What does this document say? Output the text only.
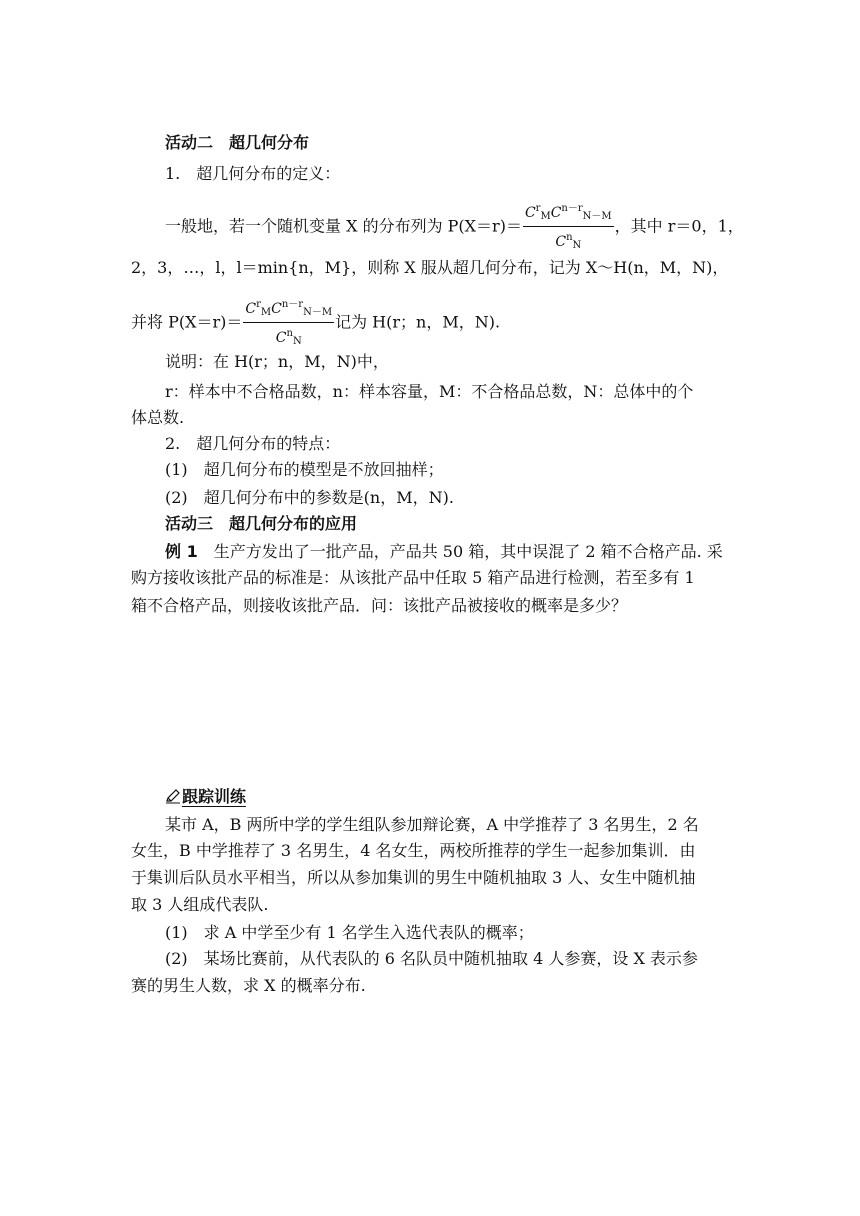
活动二　超几何分布
1.　超几何分布的定义：
一般地，若一个随机变量 X 的分布列为 $P(X=r)= \frac{C^r_MC^{n-r}_{N-M}}{C^n_N}$ ，其中 r＝0，1，
2，3，…，l，l＝min{n，M}，则称 X 服从超几何分布，记为 X～H(n，M，N)，
并将 $P(X=r)= \frac{C^r_MC^{n-r}_{N-M}}{C^n_N}$ 记为 H(r；n，M，N).
说明：在 H(r；n，M，N)中，
r：样本中不合格品数，n：样本容量，M：不合格品总数，N：总体中的个
体总数.
2.　超几何分布的特点：
(1)　超几何分布的模型是不放回抽样；
(2)　超几何分布中的参数是(n，M，N).
活动三　超几何分布的应用
例 1　生产方发出了一批产品，产品共 50 箱，其中误混了 2 箱不合格产品. 采
购方接收该批产品的标准是：从该批产品中任取 5 箱产品进行检测，若至多有 1
箱不合格产品，则接收该批产品．问：该批产品被接收的概率是多少？
跟踪训练
某市 A，B 两所中学的学生组队参加辩论赛，A 中学推荐了 3 名男生，2 名
女生，B 中学推荐了 3 名男生，4 名女生，两校所推荐的学生一起参加集训．由
于集训后队员水平相当，所以从参加集训的男生中随机抽取 3 人、女生中随机抽
取 3 人组成代表队.
(1)　求 A 中学至少有 1 名学生入选代表队的概率；
(2)　某场比赛前，从代表队的 6 名队员中随机抽取 4 人参赛，设 X 表示参
赛的男生人数，求 X 的概率分布.
